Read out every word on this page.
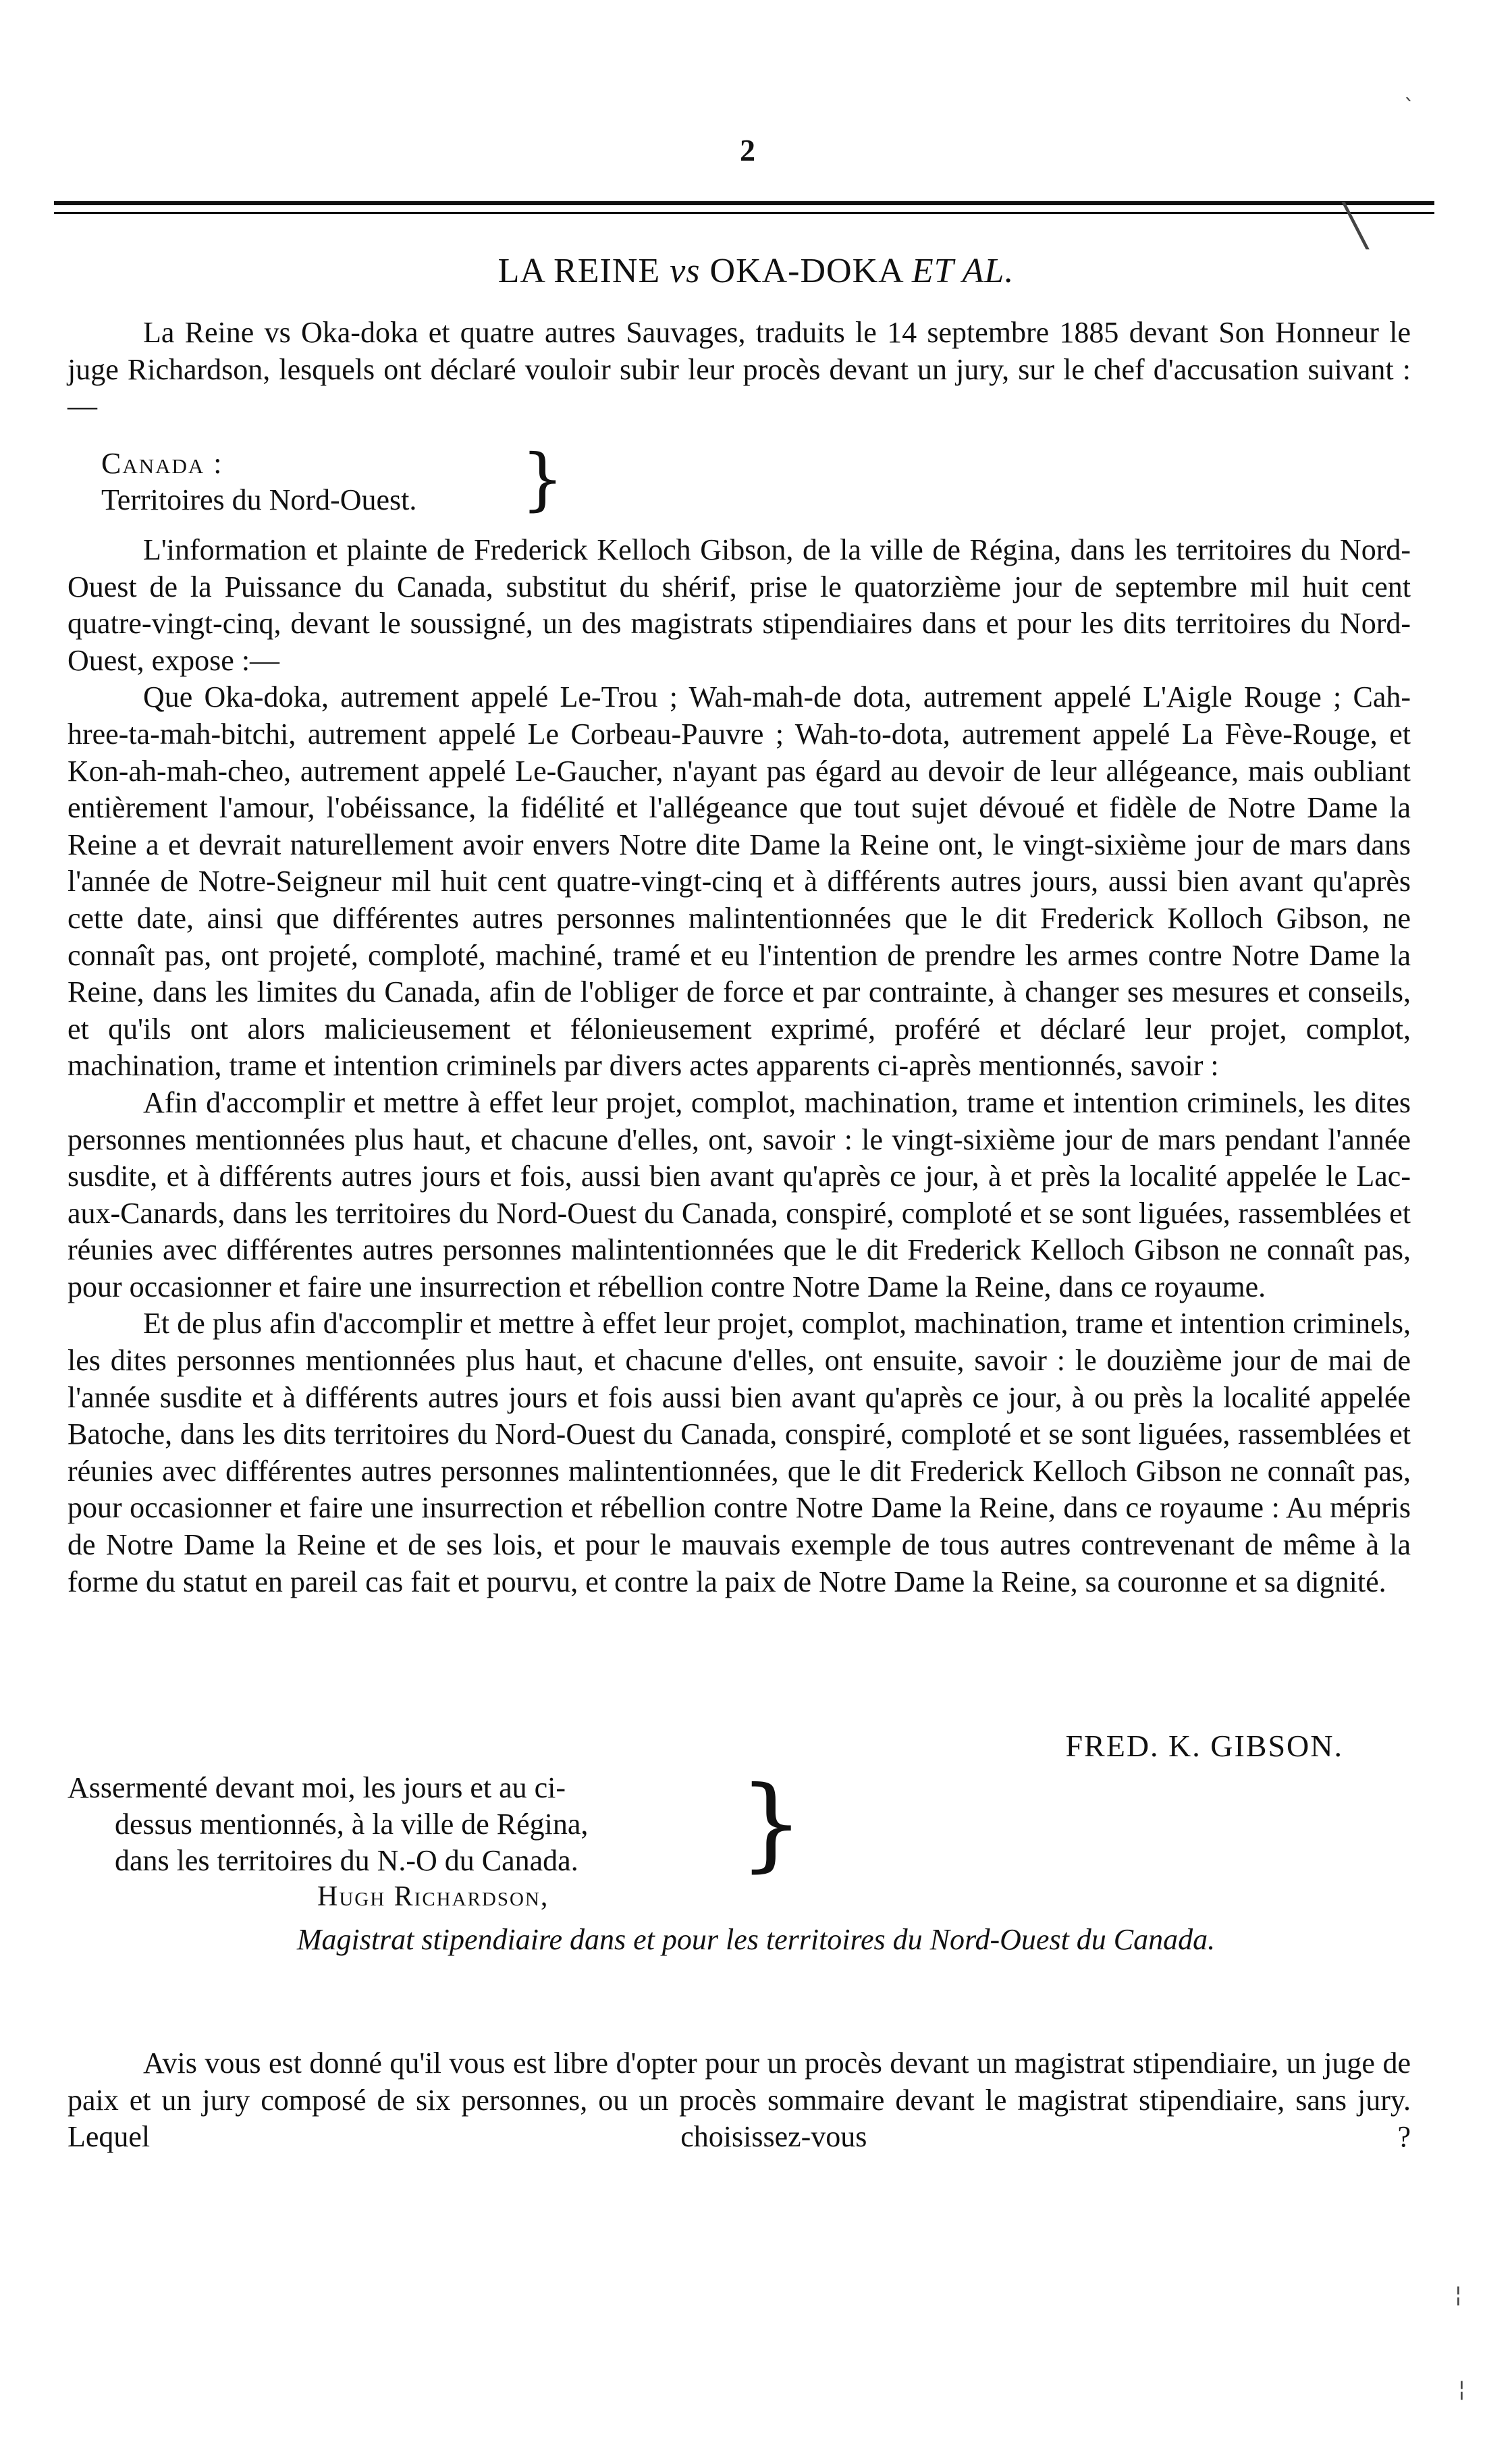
2
LA REINE vs OKA-DOKA ET AL.

La Reine vs Oka-doka et quatre autres Sauvages, traduits le 14 septembre 1885 devant Son Honneur le juge Richardson, lesquels ont déclaré vouloir subir leur procès devant un jury, sur le chef d'accusation suivant :—

Canada :
Territoires du Nord-Ouest. }

L'information et plainte de Frederick Kelloch Gibson, de la ville de Régina, dans les territoires du Nord-Ouest de la Puissance du Canada, substitut du shérif, prise le quatorzième jour de septembre mil huit cent quatre-vingt-cinq, devant le soussigné, un des magistrats stipendiaires dans et pour les dits territoires du Nord-Ouest, expose :—

Que Oka-doka, autrement appelé Le-Trou ; Wah-mah-de dota, autrement appelé L'Aigle Rouge ; Cah-hree-ta-mah-bitchi, autrement appelé Le Corbeau-Pauvre ; Wah-to-dota, autrement appelé La Fève-Rouge, et Kon-ah-mah-cheo, autrement appelé Le-Gaucher, n'ayant pas égard au devoir de leur allégeance, mais oubliant entièrement l'amour, l'obéissance, la fidélité et l'allégeance que tout sujet dévoué et fidèle de Notre Dame la Reine a et devrait naturellement avoir envers Notre dite Dame la Reine ont, le vingt-sixième jour de mars dans l'année de Notre-Seigneur mil huit cent quatre-vingt-cinq et à différents autres jours, aussi bien avant qu'après cette date, ainsi que différentes autres personnes malintentionnées que le dit Frederick Kolloch Gibson, ne connaît pas, ont projeté, comploté, machiné, tramé et eu l'intention de prendre les armes contre Notre Dame la Reine, dans les limites du Canada, afin de l'obliger de force et par contrainte, à changer ses mesures et conseils, et qu'ils ont alors malicieusement et félonieusement exprimé, proféré et déclaré leur projet, complot, machination, trame et intention criminels par divers actes apparents ci-après mentionnés, savoir :

Afin d'accomplir et mettre à effet leur projet, complot, machination, trame et intention criminels, les dites personnes mentionnées plus haut, et chacune d'elles, ont, savoir : le vingt-sixième jour de mars pendant l'année susdite, et à différents autres jours et fois, aussi bien avant qu'après ce jour, à et près la localité appelée le Lac-aux-Canards, dans les territoires du Nord-Ouest du Canada, conspiré, comploté et se sont liguées, rassemblées et réunies avec différentes autres personnes malintentionnées que le dit Frederick Kelloch Gibson ne connaît pas, pour occasionner et faire une insurrection et rébellion contre Notre Dame la Reine, dans ce royaume.

Et de plus afin d'accomplir et mettre à effet leur projet, complot, machination, trame et intention criminels, les dites personnes mentionnées plus haut, et chacune d'elles, ont ensuite, savoir : le douzième jour de mai de l'année susdite et à différents autres jours et fois aussi bien avant qu'après ce jour, à ou près la localité appelée Batoche, dans les dits territoires du Nord-Ouest du Canada, conspiré, comploté et se sont liguées, rassemblées et réunies avec différentes autres personnes malintentionnées, que le dit Frederick Kelloch Gibson ne connaît pas, pour occasionner et faire une insurrection et rébellion contre Notre Dame la Reine, dans ce royaume : Au mépris de Notre Dame la Reine et de ses lois, et pour le mauvais exemple de tous autres contrevenant de même à la forme du statut en pareil cas fait et pourvu, et contre la paix de Notre Dame la Reine, sa couronne et sa dignité.

FRED. K. GIBSON.
Assermenté devant moi, les jours et au ci-
dessus mentionnés, à la ville de Régina,
dans les territoires du N.-O du Canada.	}
Hugh Richardson,
Magistrat stipendiaire dans et pour les territoires du Nord-Ouest du Canada.

Avis vous est donné qu'il vous est libre d'opter pour un procès devant un magistrat stipendiaire, un juge de paix et un jury composé de six personnes, ou un procès sommaire devant le magistrat stipendiaire, sans jury. Lequel choisissez-vous ?

ˋ
╲
¦
¦
